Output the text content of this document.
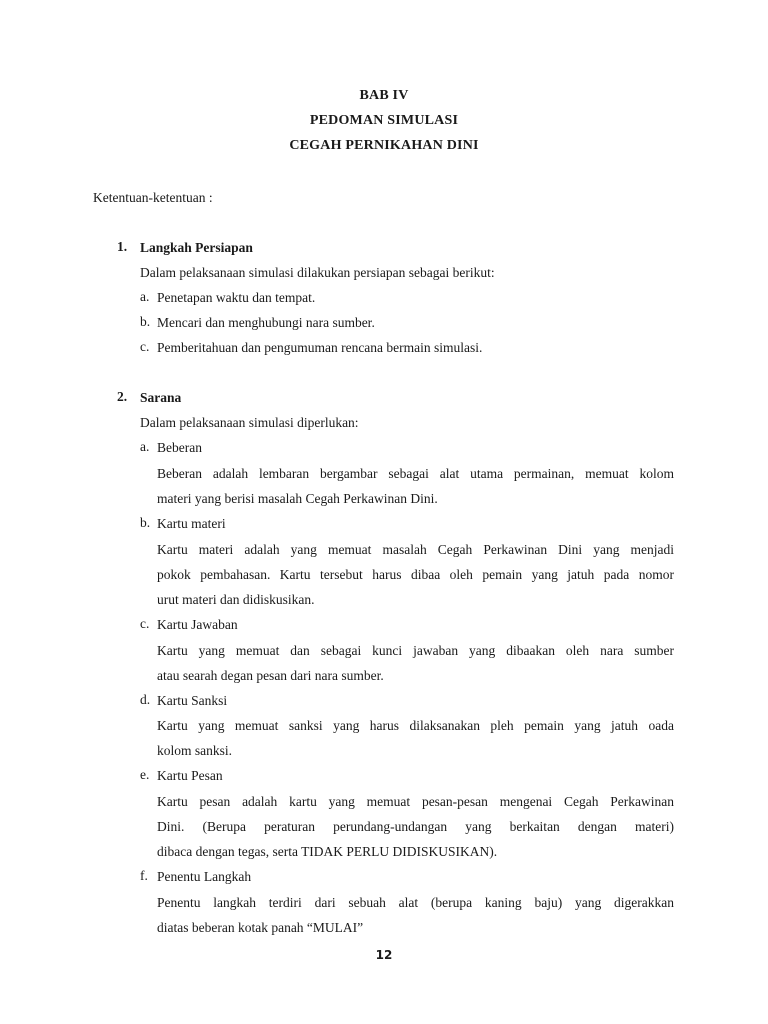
BAB IV
PEDOMAN SIMULASI
CEGAH PERNIKAHAN DINI
Ketentuan-ketentuan :
1. Langkah Persiapan
Dalam pelaksanaan simulasi dilakukan persiapan sebagai berikut:
a. Penetapan waktu dan tempat.
b. Mencari dan menghubungi nara sumber.
c. Pemberitahuan dan pengumuman rencana bermain simulasi.
2. Sarana
Dalam pelaksanaan simulasi diperlukan:
a. Beberan
Beberan adalah lembaran bergambar sebagai alat utama permainan, memuat kolom
materi yang berisi masalah Cegah Perkawinan Dini.
b. Kartu materi
Kartu materi adalah yang memuat masalah Cegah Perkawinan Dini yang menjadi
pokok pembahasan. Kartu tersebut harus dibaa oleh pemain yang jatuh pada nomor
urut materi dan didiskusikan.
c. Kartu Jawaban
Kartu yang memuat dan sebagai kunci jawaban yang dibaakan oleh nara sumber
atau searah degan pesan dari nara sumber.
d. Kartu Sanksi
Kartu yang memuat sanksi yang harus dilaksanakan pleh pemain yang jatuh oada
kolom sanksi.
e. Kartu Pesan
Kartu pesan adalah kartu yang memuat pesan-pesan mengenai Cegah Perkawinan
Dini. (Berupa peraturan perundang-undangan yang berkaitan dengan materi)
dibaca dengan tegas, serta TIDAK PERLU DIDISKUSIKAN).
f. Penentu Langkah
Penentu langkah terdiri dari sebuah alat (berupa kaning baju) yang digerakkan
diatas beberan kotak panah “MULAI”
12
